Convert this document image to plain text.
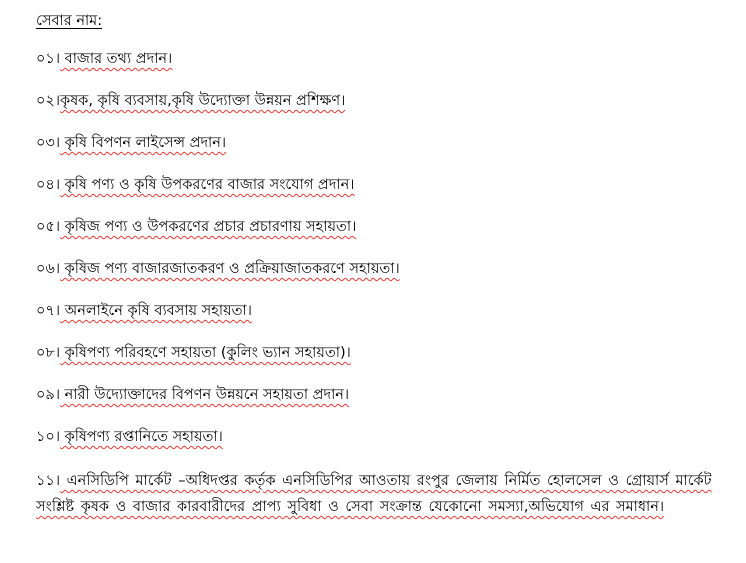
সেবার নাম:
০১। বাজার তথ্য প্রদান।
০২।কৃষক, কৃষি ব্যবসায়,কৃষি উদ্যোক্তা উন্নয়ন প্রশিক্ষণ।
০৩। কৃষি বিপণন লাইসেন্স প্রদান।
০৪। কৃষি পণ্য ও কৃষি উপকরণের বাজার সংযোগ প্রদান।
০৫। কৃষিজ পণ্য ও উপকরণের প্রচার প্রচারণায় সহায়তা।
০৬। কৃষিজ পণ্য বাজারজাতকরণ ও প্রক্রিয়াজাতকরণে সহায়তা।
০৭। অনলাইনে কৃষি ব্যবসায় সহায়তা।
০৮। কৃষিপণ্য পরিবহণে সহায়তা (কুলিং ভ্যান সহায়তা)।
০৯। নারী উদ্যোক্তাদের বিপণন উন্নয়নে সহায়তা প্রদান।
১০। কৃষিপণ্য রপ্তানিতে সহায়তা।
১১। এনসিডিপি মার্কেট –অধিদপ্তর কর্তৃক এনসিডিপির আওতায় রংপুর জেলায় নির্মিত হোলসেল ও গ্রোয়ার্স মার্কেট সংশ্লিষ্ট কৃষক ও বাজার কারবারীদের প্রাপ্য সুবিধা ও সেবা সংক্রান্ত যেকোনো সমস্যা,অভিযোগ এর সমাধান।
